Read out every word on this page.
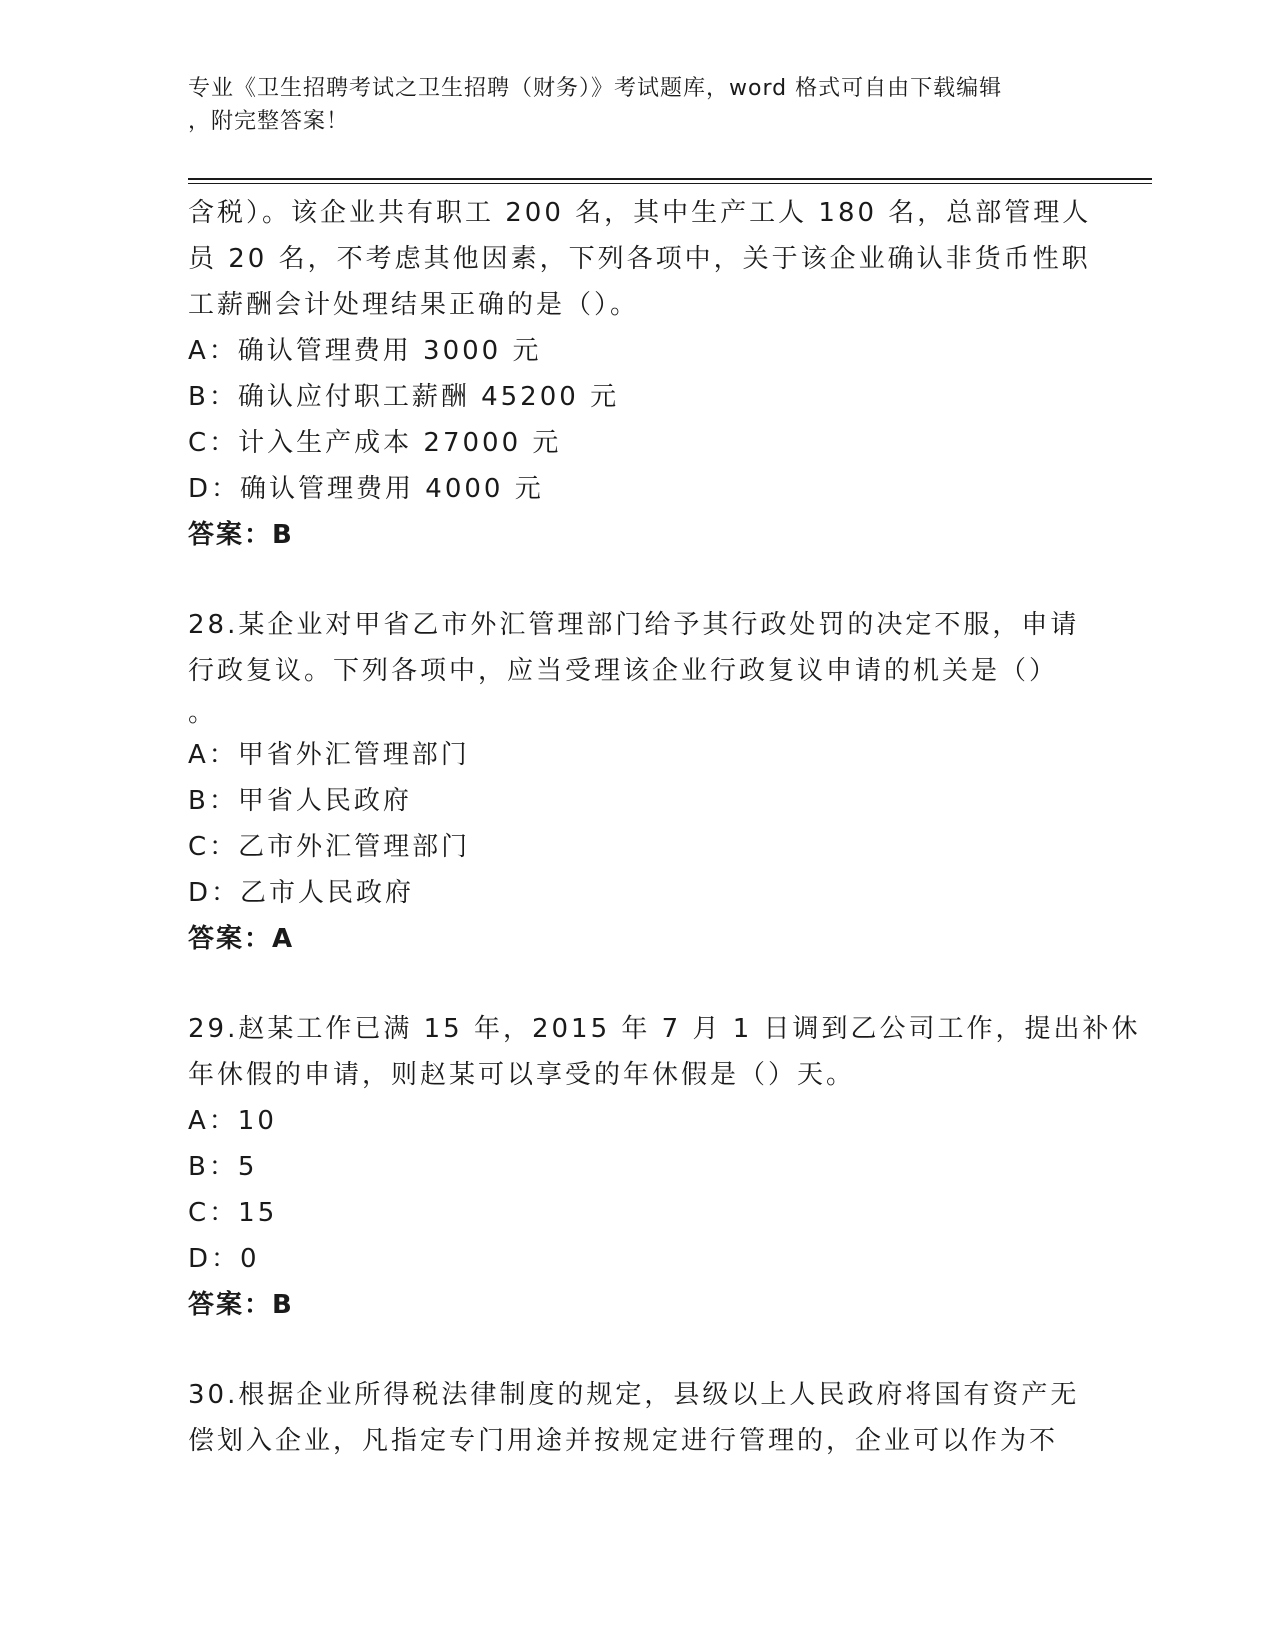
专业《卫生招聘考试之卫生招聘（财务）》考试题库，word 格式可自由下载编辑
，附完整答案！
含税）。该企业共有职工 200 名，其中生产工人 180 名，总部管理人
员 20 名，不考虑其他因素，下列各项中，关于该企业确认非货币性职
工薪酬会计处理结果正确的是（）。
A：确认管理费用 3000 元
B：确认应付职工薪酬 45200 元
C：计入生产成本 27000 元
D：确认管理费用 4000 元
答案：B
28.某企业对甲省乙市外汇管理部门给予其行政处罚的决定不服，申请
行政复议。下列各项中，应当受理该企业行政复议申请的机关是（）
。
A：甲省外汇管理部门
B：甲省人民政府
C：乙市外汇管理部门
D：乙市人民政府
答案：A
29.赵某工作已满 15 年，2015 年 7 月 1 日调到乙公司工作，提出补休
年休假的申请，则赵某可以享受的年休假是（）天。
A：10
B：5
C：15
D：0
答案：B
30.根据企业所得税法律制度的规定，县级以上人民政府将国有资产无
偿划入企业，凡指定专门用途并按规定进行管理的，企业可以作为不
